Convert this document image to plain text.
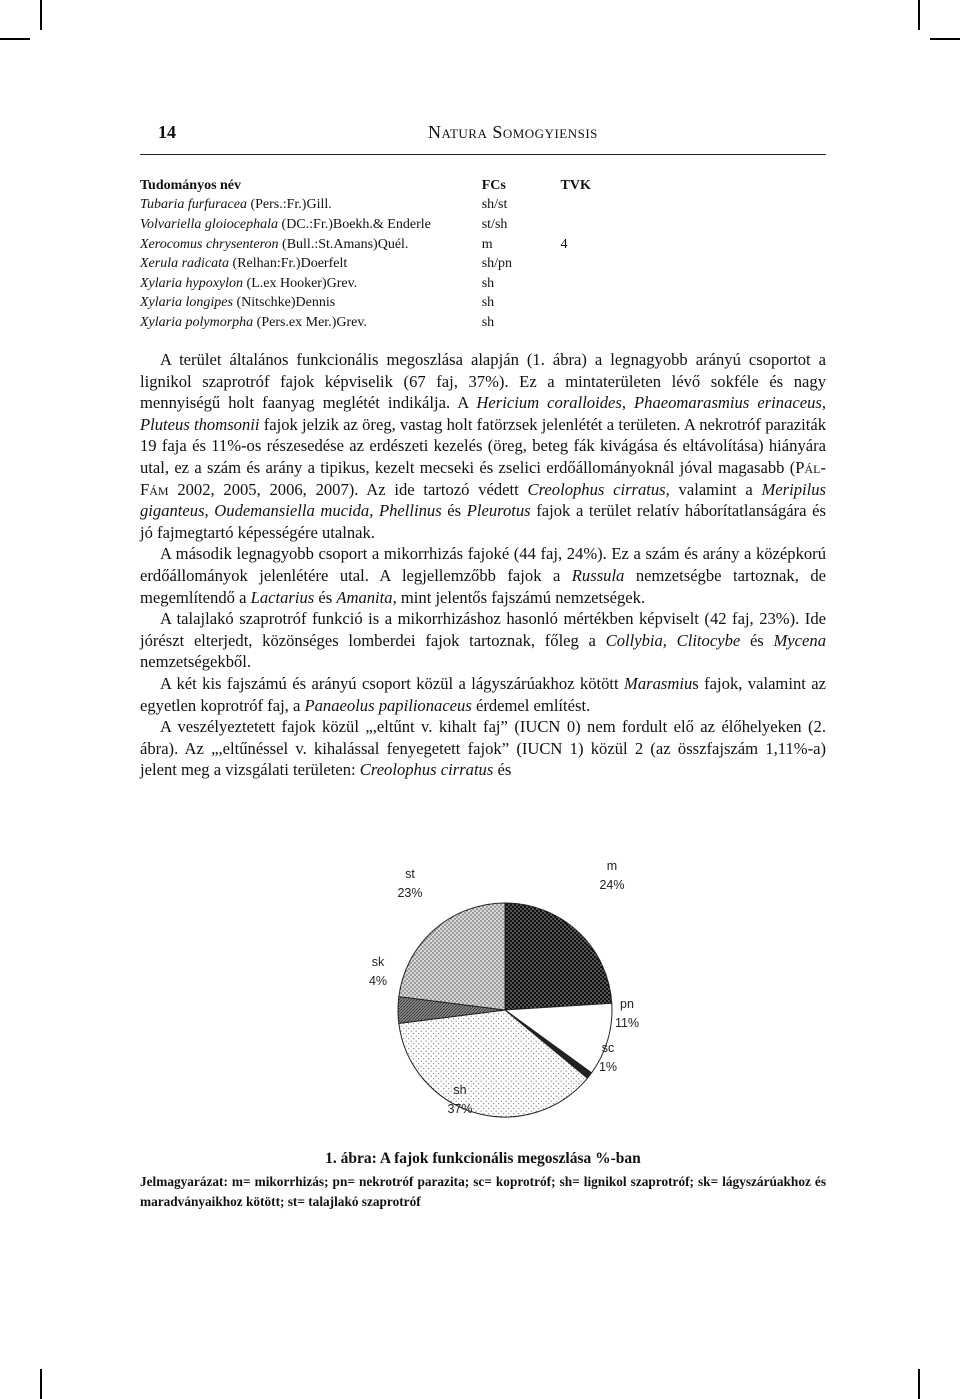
14	Natura Somogyiensis
Tudományos név	FCs	TVK
Tubaria furfuracea (Pers.:Fr.)Gill.	sh/st	
Volvariella gloiocephala (DC.:Fr.)Boekh.& Enderle	st/sh	
Xerocomus chrysenteron (Bull.:St.Amans)Quél.	m	4
Xerula radicata (Relhan:Fr.)Doerfelt	sh/pn	
Xylaria hypoxylon (L.ex Hooker)Grev.	sh	
Xylaria longipes (Nitschke)Dennis	sh	
Xylaria polymorpha (Pers.ex Mer.)Grev.	sh	

A terület általános funkcionális megoszlása alapján (1. ábra) a legnagyobb arányú csoportot a lignikol szaprotróf fajok képviselik (67 faj, 37%). Ez a mintaterületen lévő sokféle és nagy mennyiségű holt faanyag meglétét indikálja. A Hericium coralloides, Phaeomarasmius erinaceus, Pluteus thomsonii fajok jelzik az öreg, vastag holt fatörzsek jelenlétét a területen. A nekrotróf paraziták 19 faja és 11%-os részesedése az erdészeti kezelés (öreg, beteg fák kivágása és eltávolítása) hiányára utal, ez a szám és arány a tipikus, kezelt mecseki és zselici erdőállományoknál jóval magasabb (Pál-Fám 2002, 2005, 2006, 2007). Az ide tartozó védett Creolophus cirratus, valamint a Meripilus giganteus, Oudemansiella mucida, Phellinus és Pleurotus fajok a terület relatív háborítatlanságára és jó fajmegtartó képességére utalnak.

A második legnagyobb csoport a mikorrhizás fajoké (44 faj, 24%). Ez a szám és arány a középkorú erdőállományok jelenlétére utal. A legjellemzőbb fajok a Russula nemzetségbe tartoznak, de megemlítendő a Lactarius és Amanita, mint jelentős fajszámú nemzetségek.

A talajlakó szaprotróf funkció is a mikorrhizáshoz hasonló mértékben képviselt (42 faj, 23%). Ide jórészt elterjedt, közönséges lomberdei fajok tartoznak, főleg a Collybia, Clitocybe és Mycena nemzetségekből.

A két kis fajszámú és arányú csoport közül a lágyszárúakhoz kötött Marasmius fajok, valamint az egyetlen koprotróf faj, a Panaeolus papilionaceus érdemel említést.

A veszélyeztetett fajok közül „,eltűnt v. kihalt faj” (IUCN 0) nem fordult elő az élőhelyeken (2. ábra). Az „,eltűnéssel v. kihalással fenyegetett fajok” (IUCN 1) közül 2 (az összfajszám 1,11%-a) jelent meg a vizsgálati területen: Creolophus cirratus és

m
24%
pn
11%
sc
1%
sh
37%
sk
4%
st
23%
1. ábra: A fajok funkcionális megoszlása %-ban
Jelmagyarázat: m= mikorrhizás; pn= nekrotróf parazita; sc= koprotróf; sh= lignikol szaprotróf; sk= lágyszárúakhoz és maradványaikhoz kötött; st= talajlakó szaprotróf
